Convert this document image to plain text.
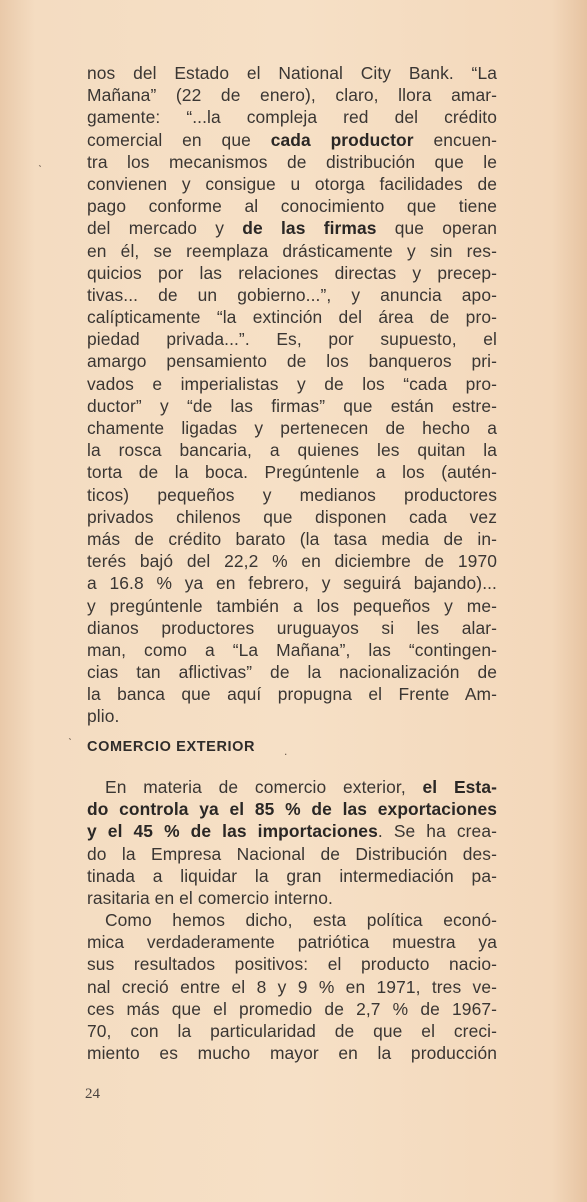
nos del Estado el National City Bank. “La
Mañana” (22 de enero), claro, llora amar-
gamente: “...la compleja red del crédito
comercial en que cada productor encuen-
tra los mecanismos de distribución que le
convienen y consigue u otorga facilidades de
pago conforme al conocimiento que tiene
del mercado y de las firmas que operan
en él, se reemplaza drásticamente y sin res-
quicios por las relaciones directas y precep-
tivas... de un gobierno...”, y anuncia apo-
calípticamente “la extinción del área de pro-
piedad privada...”. Es, por supuesto, el
amargo pensamiento de los banqueros pri-
vados e imperialistas y de los “cada pro-
ductor” y “de las firmas” que están estre-
chamente ligadas y pertenecen de hecho a
la rosca bancaria, a quienes les quitan la
torta de la boca. Pregúntenle a los (autén-
ticos) pequeños y medianos productores
privados chilenos que disponen cada vez
más de crédito barato (la tasa media de in-
terés bajó del 22,2 % en diciembre de 1970
a 16.8 % ya en febrero, y seguirá bajando)...
y pregúntenle también a los pequeños y me-
dianos productores uruguayos si les alar-
man, como a “La Mañana”, las “contingen-
cias tan aflictivas” de la nacionalización de
la banca que aquí propugna el Frente Am-
plio.
COMERCIO EXTERIOR
En materia de comercio exterior, el Esta-
do controla ya el 85 % de las exportaciones
y el 45 % de las importaciones. Se ha crea-
do la Empresa Nacional de Distribución des-
tinada a liquidar la gran intermediación pa-
rasitaria en el comercio interno.
Como hemos dicho, esta política econó-
mica verdaderamente patriótica muestra ya
sus resultados positivos: el producto nacio-
nal creció entre el 8 y 9 % en 1971, tres ve-
ces más que el promedio de 2,7 % de 1967-
70, con la particularidad de que el creci-
miento es mucho mayor en la producción
24
ˋ
ˋ
.
